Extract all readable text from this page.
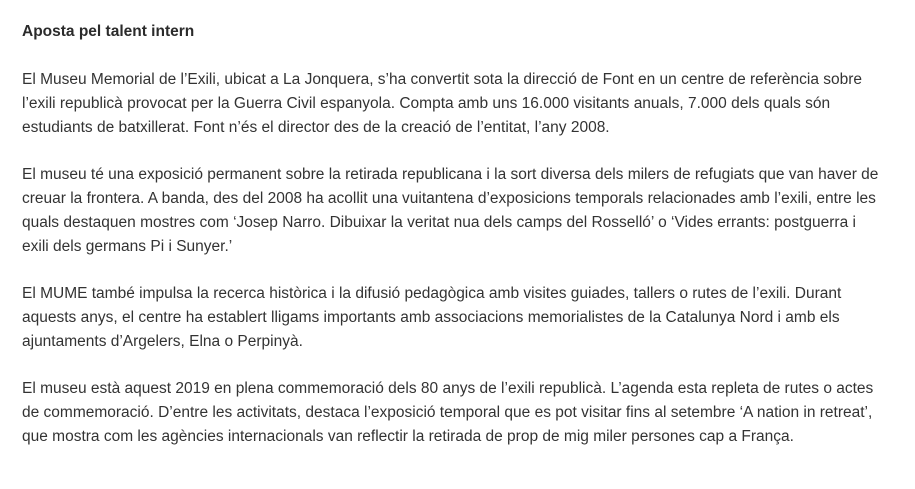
Aposta pel talent intern

El Museu Memorial de l’Exili, ubicat a La Jonquera, s’ha convertit sota la direcció de Font en un centre de referència sobre l’exili republicà provocat per la Guerra Civil espanyola. Compta amb uns 16.000 visitants anuals, 7.000 dels quals són estudiants de batxillerat. Font n’és el director des de la creació de l’entitat, l’any 2008.

El museu té una exposició permanent sobre la retirada republicana i la sort diversa dels milers de refugiats que van haver de creuar la frontera. A banda, des del 2008 ha acollit una vuitantena d’exposicions temporals relacionades amb l’exili, entre les quals destaquen mostres com ‘Josep Narro. Dibuixar la veritat nua dels camps del Rosselló’ o ‘Vides errants: postguerra i exili dels germans Pi i Sunyer.’

El MUME també impulsa la recerca històrica i la difusió pedagògica amb visites guiades, tallers o rutes de l’exili. Durant aquests anys, el centre ha establert lligams importants amb associacions memorialistes de la Catalunya Nord i amb els ajuntaments d’Argelers, Elna o Perpinyà.

El museu està aquest 2019 en plena commemoració dels 80 anys de l’exili republicà. L’agenda esta repleta de rutes o actes de commemoració. D’entre les activitats, destaca l’exposició temporal que es pot visitar fins al setembre ‘A nation in retreat’, que mostra com les agències internacionals van reflectir la retirada de prop de mig miler persones cap a França.
